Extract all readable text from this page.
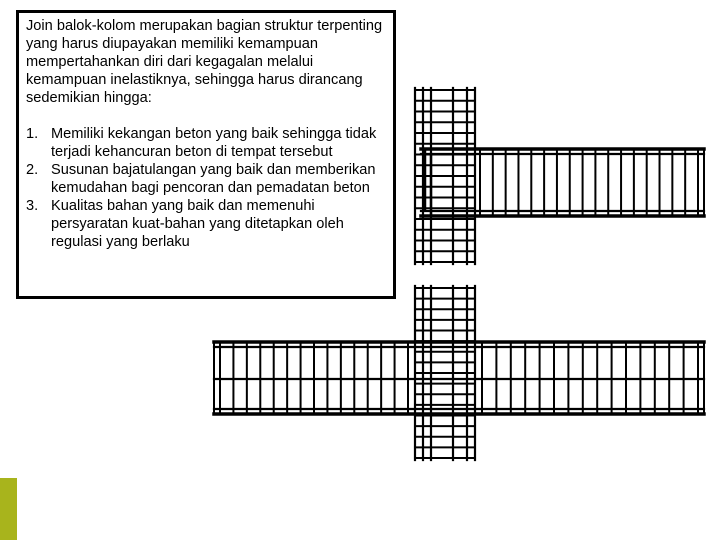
Join balok-kolom merupakan bagian struktur terpenting yang harus diupayakan memiliki kemampuan mempertahankan diri dari kegagalan melalui kemampuan inelastiknya, sehingga harus dirancang sedemikian hingga:

1. Memiliki kekangan beton yang baik sehingga tidak terjadi kehancuran beton di tempat tersebut
2. Susunan bajatulangan yang baik dan memberikan kemudahan bagi pencoran dan pemadatan beton
3. Kualitas bahan yang baik dan memenuhi persyaratan kuat-bahan yang ditetapkan oleh regulasi yang berlaku
